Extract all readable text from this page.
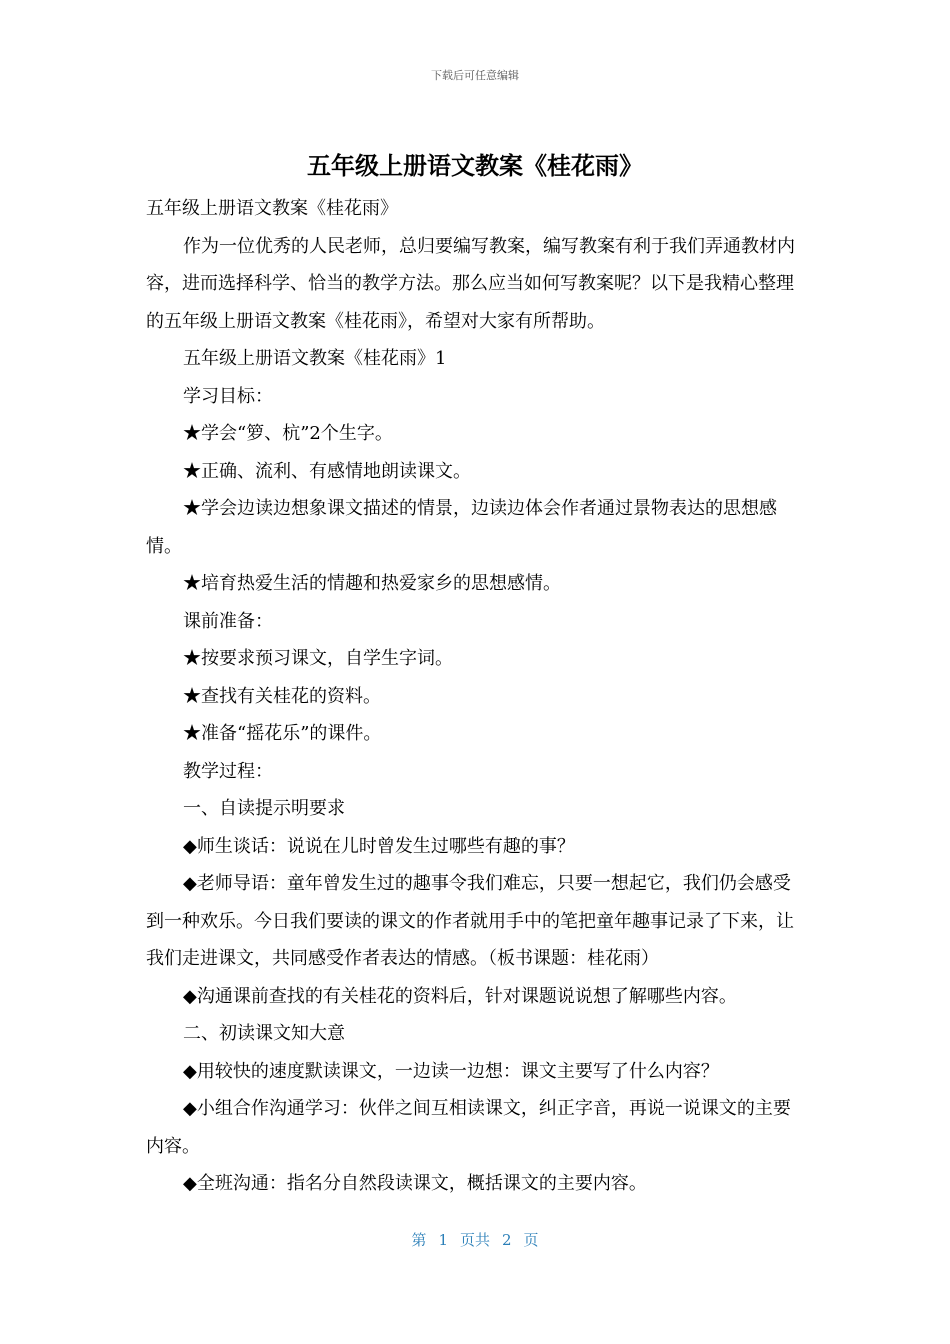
下载后可任意编辑
五年级上册语文教案《桂花雨》

五年级上册语文教案《桂花雨》

作为一位优秀的人民老师，总归要编写教案，编写教案有利于我们弄通教材内容，进而选择科学、恰当的教学方法。那么应当如何写教案呢？以下是我精心整理的五年级上册语文教案《桂花雨》，希望对大家有所帮助。

五年级上册语文教案《桂花雨》1

学习目标：

★学会“箩、杭”2个生字。

★正确、流利、有感情地朗读课文。

★学会边读边想象课文描述的情景，边读边体会作者通过景物表达的思想感情。

★培育热爱生活的情趣和热爱家乡的思想感情。

课前准备：

★按要求预习课文，自学生字词。

★查找有关桂花的资料。

★准备“摇花乐”的课件。

教学过程：

一、自读提示明要求

◆师生谈话：说说在儿时曾发生过哪些有趣的事？

◆老师导语：童年曾发生过的趣事令我们难忘，只要一想起它，我们仍会感受到一种欢乐。今日我们要读的课文的作者就用手中的笔把童年趣事记录了下来，让我们走进课文，共同感受作者表达的情感。（板书课题：桂花雨）

◆沟通课前查找的有关桂花的资料后，针对课题说说想了解哪些内容。

二、初读课文知大意

◆用较快的速度默读课文，一边读一边想：课文主要写了什么内容？

◆小组合作沟通学习：伙伴之间互相读课文，纠正字音，再说一说课文的主要内容。

◆全班沟通：指名分自然段读课文，概括课文的主要内容。

第 1 页共 2 页
